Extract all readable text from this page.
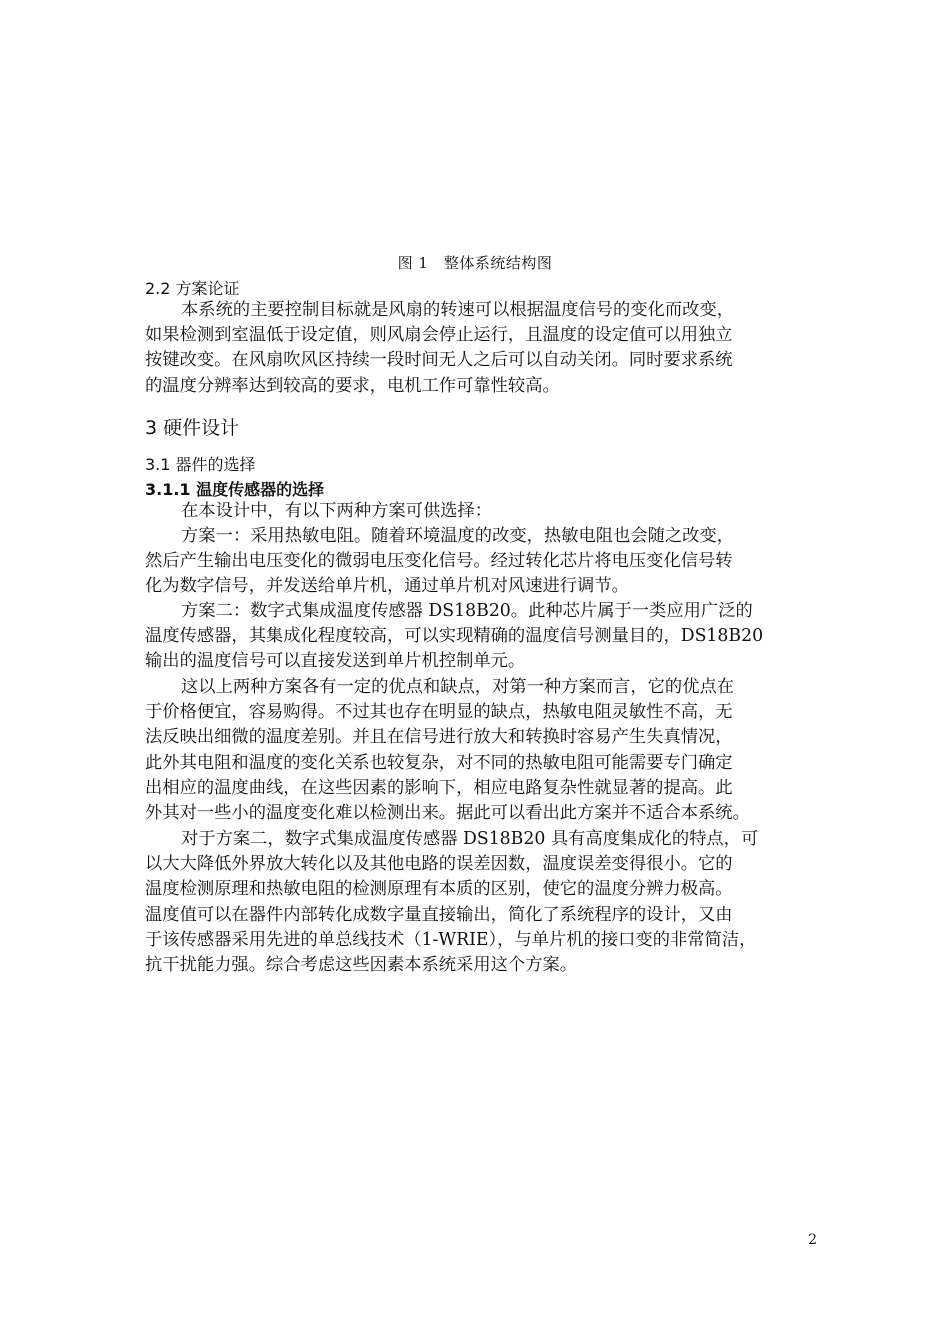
图 1　整体系统结构图
2.2 方案论证
本系统的主要控制目标就是风扇的转速可以根据温度信号的变化而改变，
如果检测到室温低于设定值，则风扇会停止运行，且温度的设定值可以用独立
按键改变。在风扇吹风区持续一段时间无人之后可以自动关闭。同时要求系统
的温度分辨率达到较高的要求，电机工作可靠性较高。
3 硬件设计
3.1 器件的选择
3.1.1 温度传感器的选择
在本设计中，有以下两种方案可供选择：
方案一：采用热敏电阻。随着环境温度的改变，热敏电阻也会随之改变，
然后产生输出电压变化的微弱电压变化信号。经过转化芯片将电压变化信号转
化为数字信号，并发送给单片机，通过单片机对风速进行调节。
方案二：数字式集成温度传感器 DS18B20。此种芯片属于一类应用广泛的
温度传感器，其集成化程度较高，可以实现精确的温度信号测量目的，DS18B20
输出的温度信号可以直接发送到单片机控制单元。
这以上两种方案各有一定的优点和缺点，对第一种方案而言，它的优点在
于价格便宜，容易购得。不过其也存在明显的缺点，热敏电阻灵敏性不高，无
法反映出细微的温度差别。并且在信号进行放大和转换时容易产生失真情况，
此外其电阻和温度的变化关系也较复杂，对不同的热敏电阻可能需要专门确定
出相应的温度曲线，在这些因素的影响下，相应电路复杂性就显著的提高。此
外其对一些小的温度变化难以检测出来。据此可以看出此方案并不适合本系统。
对于方案二，数字式集成温度传感器 DS18B20 具有高度集成化的特点，可
以大大降低外界放大转化以及其他电路的误差因数，温度误差变得很小。它的
温度检测原理和热敏电阻的检测原理有本质的区别，使它的温度分辨力极高。
温度值可以在器件内部转化成数字量直接输出，简化了系统程序的设计，又由
于该传感器采用先进的单总线技术（1-WRIE），与单片机的接口变的非常简洁，
抗干扰能力强。综合考虑这些因素本系统采用这个方案。
2
